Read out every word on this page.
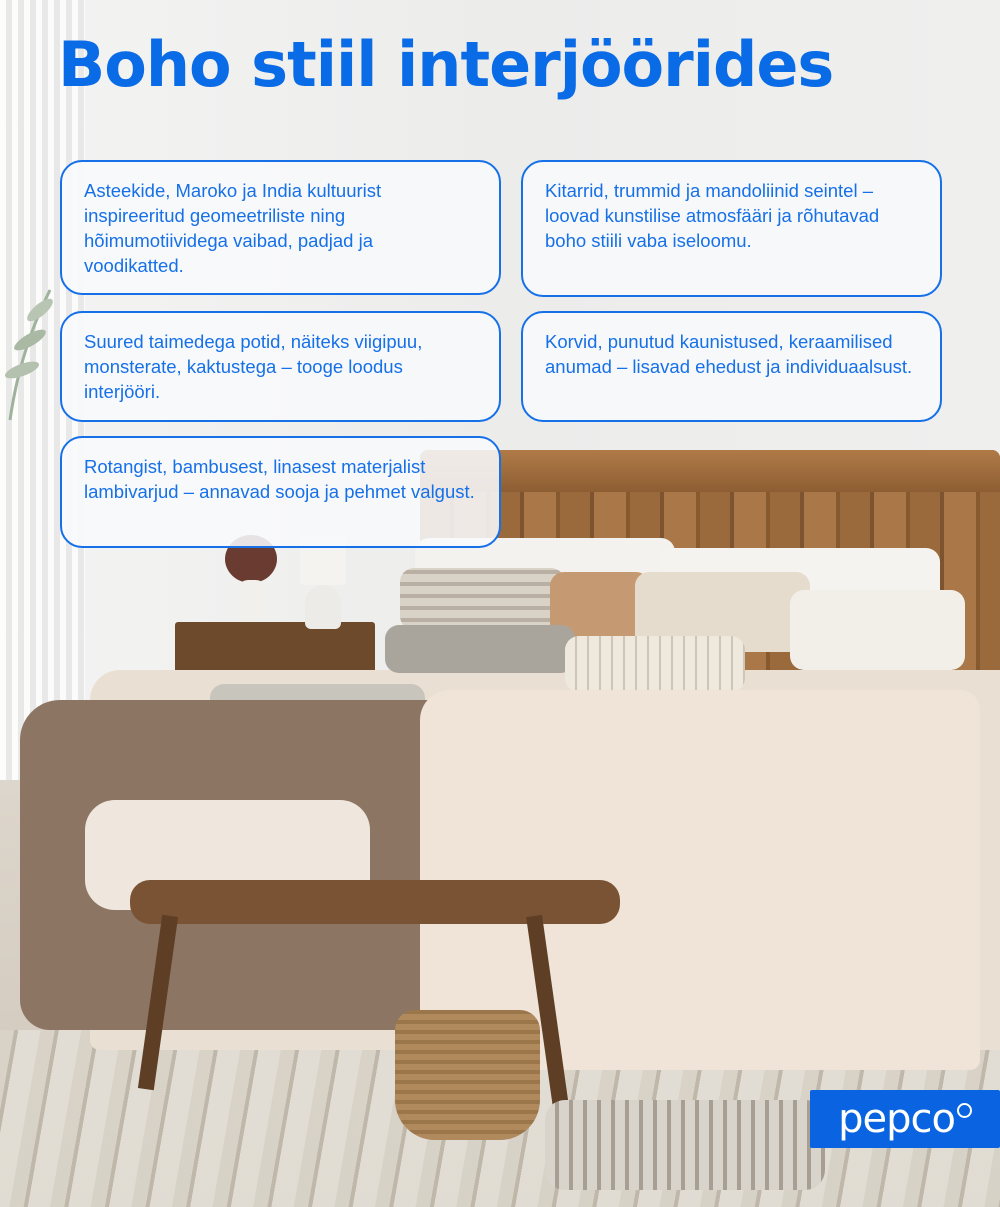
Boho stiil interjöörides

Asteekide, Maroko ja India kultuurist inspireeritud geomeetriliste ning hõimumotiividega vaibad, padjad ja voodikatted.

Kitarrid, trummid ja mandoliinid seintel – loovad kunstilise atmosfääri ja rõhutavad boho stiili vaba iseloomu.

Suured taimedega potid, näiteks viigipuu, monsterate, kaktustega – tooge loodus interjööri.

Korvid, punutud kaunistused, keraamilised anumad – lisavad ehedust ja individuaalsust.

Rotangist, bambusest, linasest materjalist lambivarjud – annavad sooja ja pehmet valgust.

pepco
